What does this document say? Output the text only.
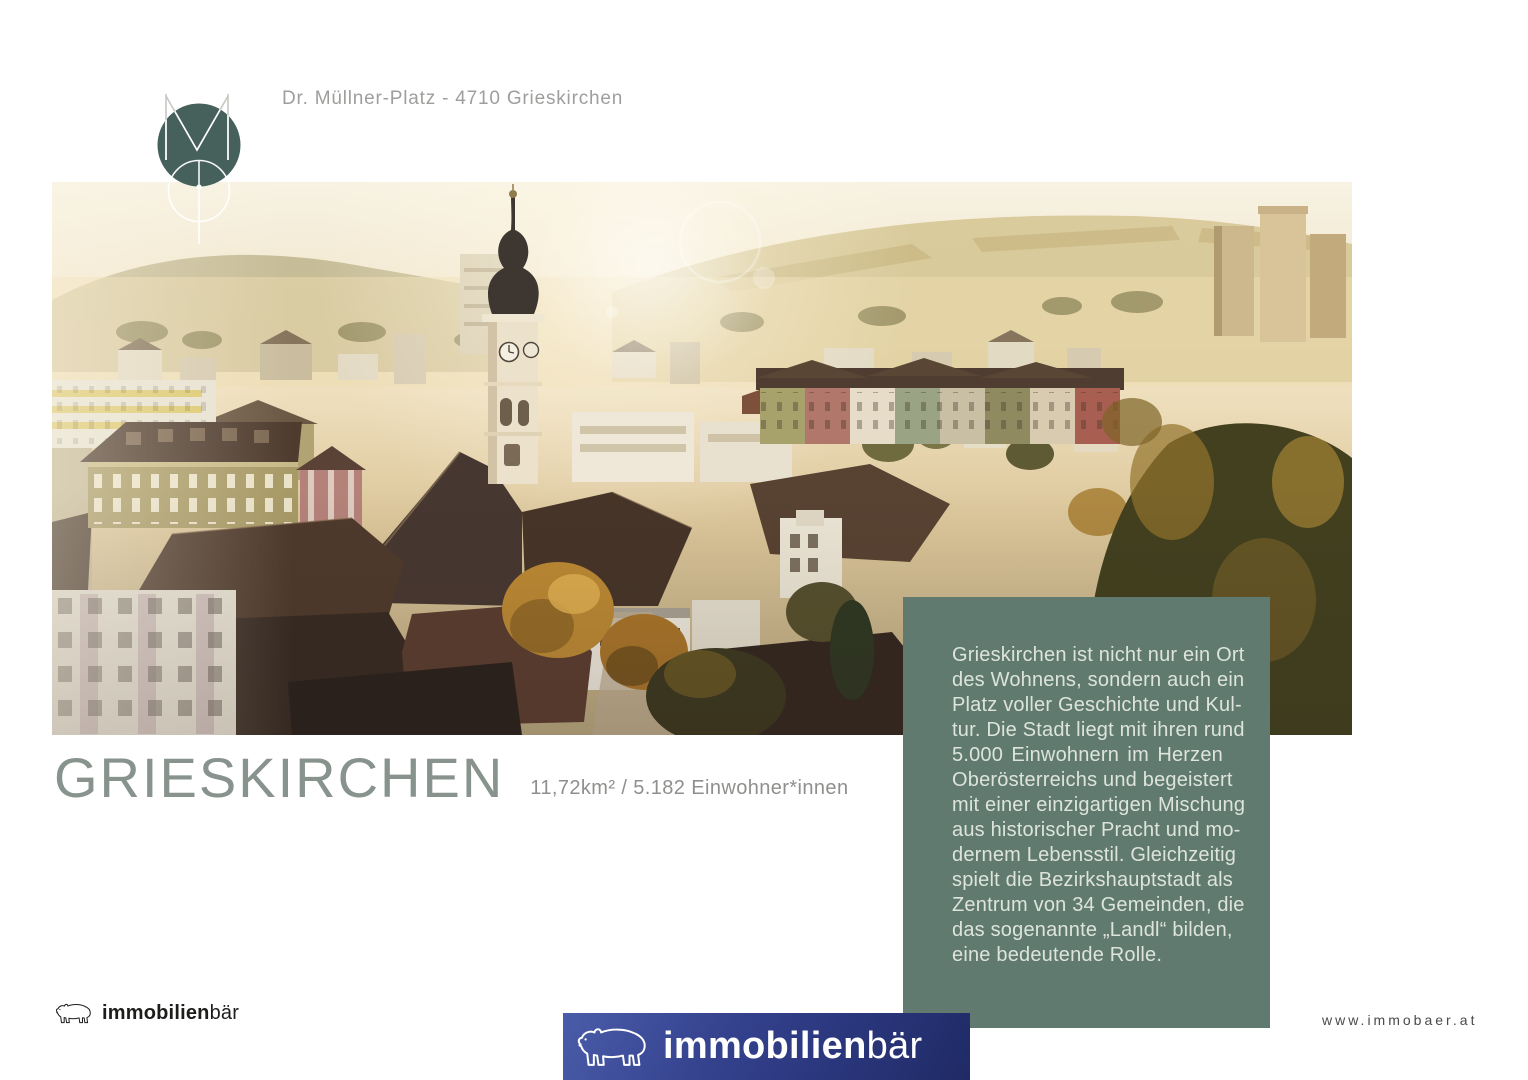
Dr. Müllner-Platz - 4710 Grieskirchen
GRIESKIRCHEN 11,72km² / 5.182 Einwohner*innen
Grieskirchen ist nicht nur ein Ort
des Wohnens, sondern auch ein
Platz voller Geschichte und Kul-
tur. Die Stadt liegt mit ihren rund
5.000 Einwohnern im Herzen
Oberösterreichs und begeistert
mit einer einzigartigen Mischung
aus historischer Pracht und mo-
dernem Lebensstil. Gleichzeitig
spielt die Bezirkshauptstadt als
Zentrum von 34 Gemeinden, die
das sogenannte „Landl“ bilden,
eine bedeutende Rolle.
immobilienbär
immobilienbär
www.immobaer.at
